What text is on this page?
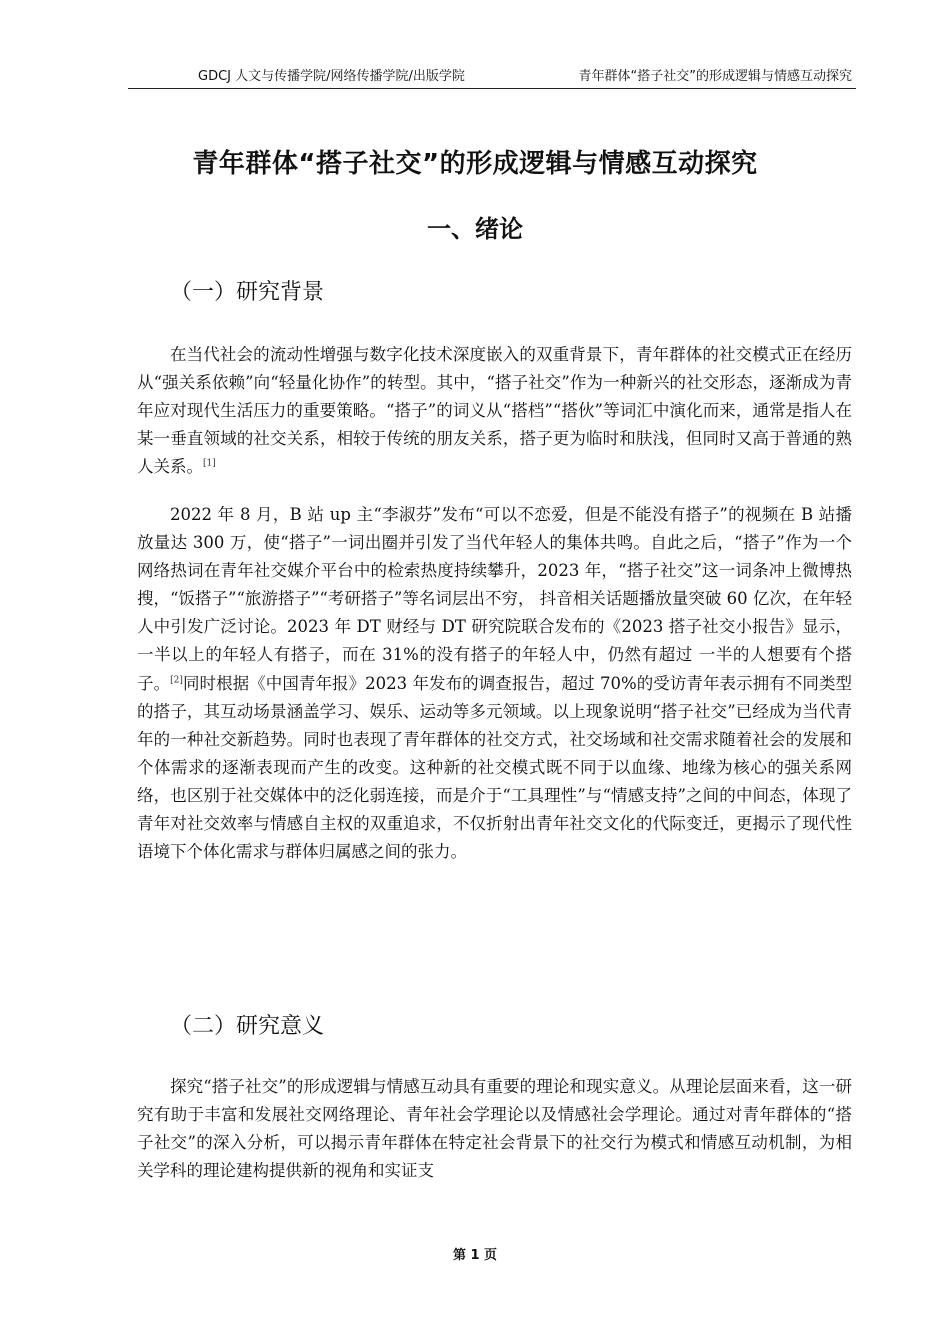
GDCJ 人文与传播学院/网络传播学院/出版学院	青年群体“搭子社交”的形成逻辑与情感互动探究
青年群体“搭子社交”的形成逻辑与情感互动探究
一、绪论
（一）研究背景

在当代社会的流动性增强与数字化技术深度嵌入的双重背景下，青年群体的社交模式正在经历从“强关系依赖”向“轻量化协作”的转型。其中，“搭子社交”作为一种新兴的社交形态，逐渐成为青年应对现代生活压力的重要策略。“搭子”的词义从“搭档”“搭伙”等词汇中演化而来，通常是指人在某一垂直领域的社交关系，相较于传统的朋友关系，搭子更为临时和肤浅，但同时又高于普通的熟人关系。[1]

2022 年 8 月，B 站 up 主“李淑芬”发布“可以不恋爱，但是不能没有搭子”的视频在 B 站播放量达 300 万，使“搭子”一词出圈并引发了当代年轻人的集体共鸣。自此之后，“搭子”作为一个网络热词在青年社交媒介平台中的检索热度持续攀升，2023 年，“搭子社交”这一词条冲上微博热搜，“饭搭子”“旅游搭子”“考研搭子”等名词层出不穷， 抖音相关话题播放量突破 60 亿次，在年轻人中引发广泛讨论。2023 年 DT 财经与 DT 研究院联合发布的《2023 搭子社交小报告》显示，一半以上的年轻人有搭子，而在 31%的没有搭子的年轻人中，仍然有超过 一半的人想要有个搭子。[2]同时根据《中国青年报》2023 年发布的调查报告，超过 70%的受访青年表示拥有不同类型的搭子，其互动场景涵盖学习、娱乐、运动等多元领域。以上现象说明“搭子社交”已经成为当代青年的一种社交新趋势。同时也表现了青年群体的社交方式，社交场域和社交需求随着社会的发展和个体需求的逐渐表现而产生的改变。这种新的社交模式既不同于以血缘、地缘为核心的强关系网络，也区别于社交媒体中的泛化弱连接，而是介于“工具理性”与“情感支持”之间的中间态，体现了青年对社交效率与情感自主权的双重追求，不仅折射出青年社交文化的代际变迁，更揭示了现代性语境下个体化需求与群体归属感之间的张力。

（二）研究意义

探究“搭子社交”的形成逻辑与情感互动具有重要的理论和现实意义。从理论层面来看，这一研究有助于丰富和发展社交网络理论、青年社会学理论以及情感社会学理论。通过对青年群体的“搭子社交”的深入分析，可以揭示青年群体在特定社会背景下的社交行为模式和情感互动机制，为相关学科的理论建构提供新的视角和实证支

第 1 页
